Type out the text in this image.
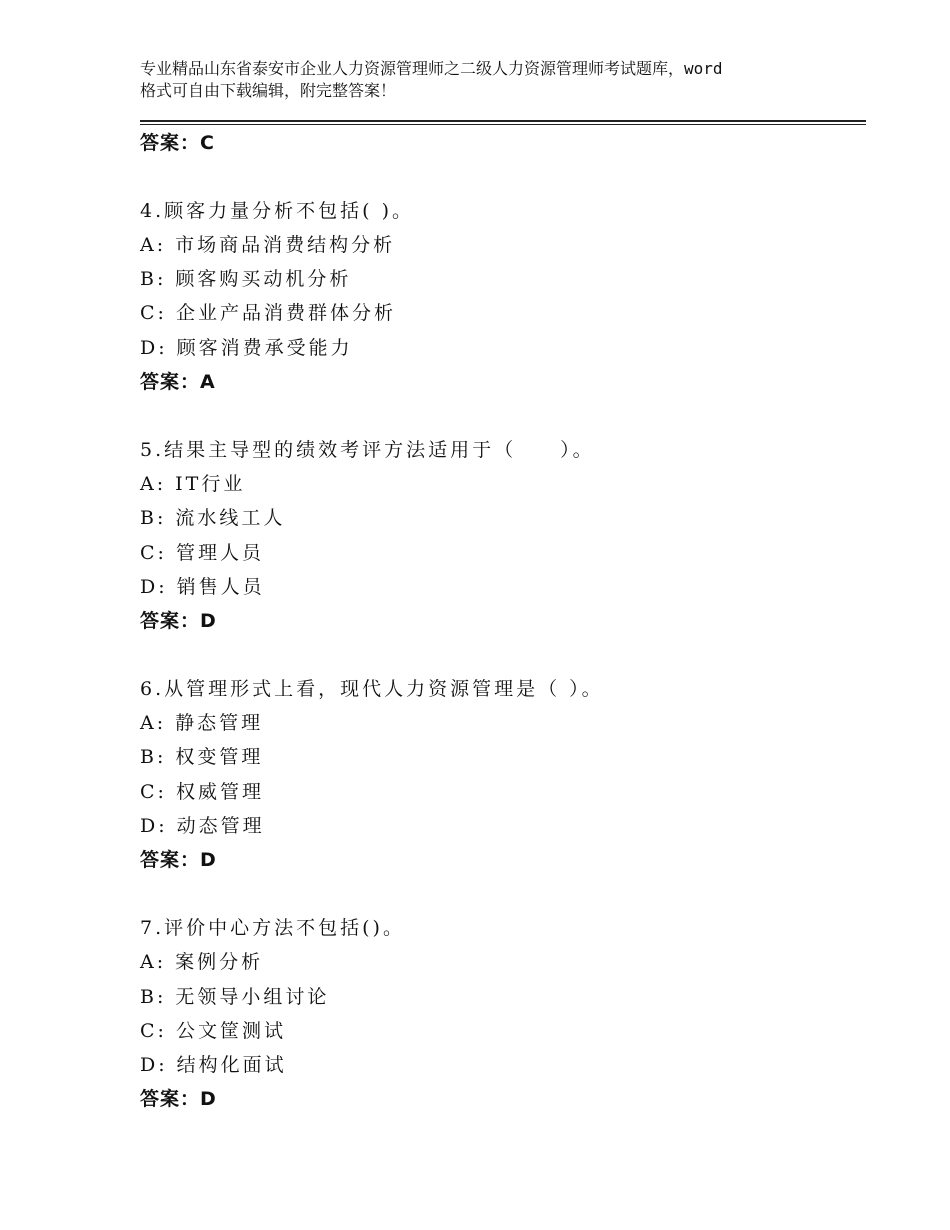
专业精品山东省泰安市企业人力资源管理师之二级人力资源管理师考试题库，word
格式可自由下载编辑，附完整答案！
答案：C
4.顾客力量分析不包括( )。
A: 市场商品消费结构分析
B: 顾客购买动机分析
C: 企业产品消费群体分析
D: 顾客消费承受能力
答案：A
5.结果主导型的绩效考评方法适用于（　　）。
A: IT行业
B: 流水线工人
C: 管理人员
D: 销售人员
答案：D
6.从管理形式上看，现代人力资源管理是（ ）。
A: 静态管理
B: 权变管理
C: 权威管理
D: 动态管理
答案：D
7.评价中心方法不包括()。
A: 案例分析
B: 无领导小组讨论
C: 公文筐测试
D: 结构化面试
答案：D
